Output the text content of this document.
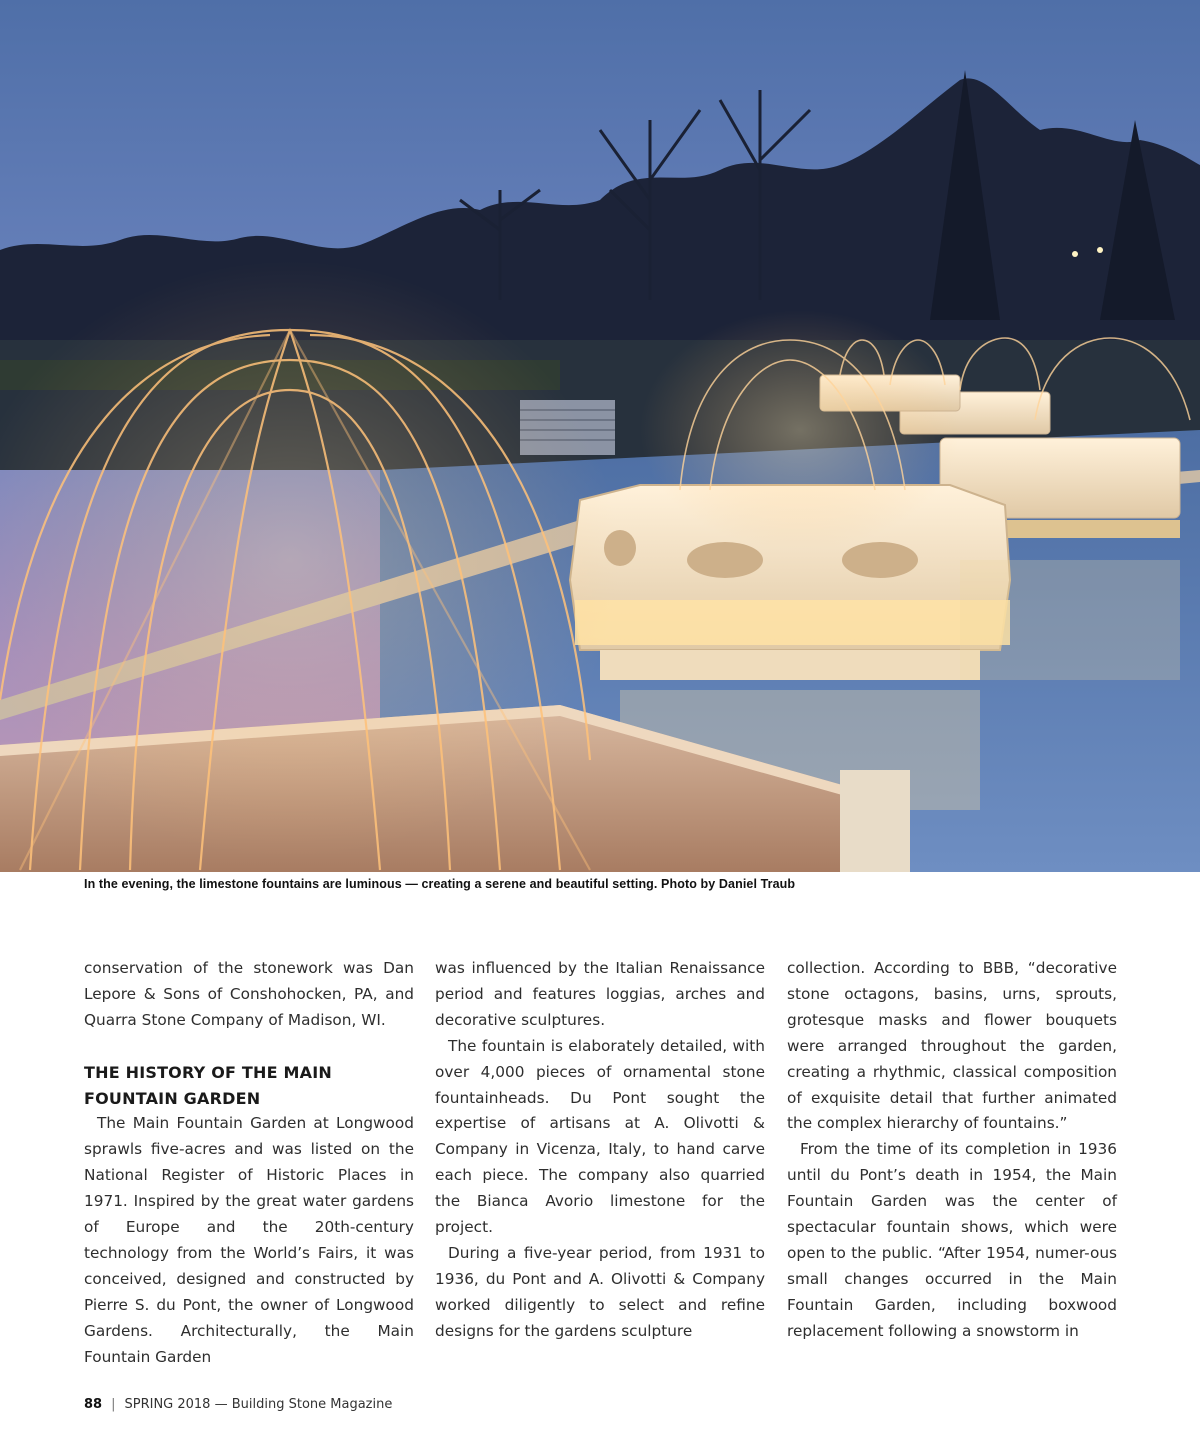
In the evening, the limestone fountains are luminous — creating a serene and beautiful setting. Photo by Daniel Traub

conservation of the stonework was Dan Lepore & Sons of Conshohocken, PA, and Quarra Stone Company of Madison, WI.

THE HISTORY OF THE MAIN FOUNTAIN GARDEN

The Main Fountain Garden at Longwood sprawls five-acres and was listed on the National Register of Historic Places in 1971. Inspired by the great water gardens of Europe and the 20th-century technology from the World’s Fairs, it was conceived, designed and constructed by Pierre S. du Pont, the owner of Longwood Gardens. Architecturally, the Main Fountain Garden

was influenced by the Italian Renaissance period and features loggias, arches and decorative sculptures.

The fountain is elaborately detailed, with over 4,000 pieces of ornamental stone fountainheads. Du Pont sought the expertise of artisans at A. Olivotti & Company in Vicenza, Italy, to hand carve each piece. The company also quarried the Bianca Avorio limestone for the project.

During a five-year period, from 1931 to 1936, du Pont and A. Olivotti & Company worked diligently to select and refine designs for the gardens sculpture

collection. According to BBB, “decorative stone octagons, basins, urns, sprouts, grotesque masks and flower bouquets were arranged throughout the garden, creating a rhythmic, classical composition of exquisite detail that further animated the complex hierarchy of fountains.”

From the time of its completion in 1936 until du Pont’s death in 1954, the Main Fountain Garden was the center of spectacular fountain shows, which were open to the public. “After 1954, numer-ous small changes occurred in the Main Fountain Garden, including boxwood replacement following a snowstorm in

88 | SPRING 2018 — Building Stone Magazine
